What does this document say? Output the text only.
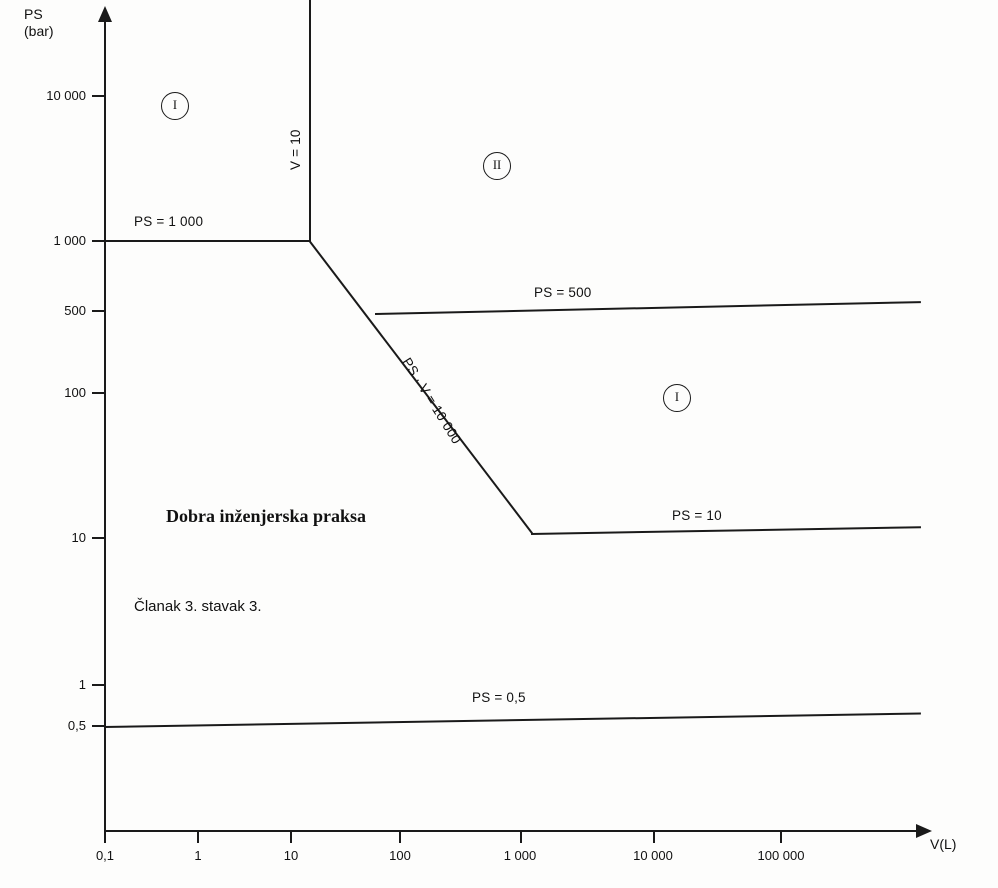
PS
(bar)
V(L)
10 000
1 000
500
100
10
1
0,5
0,1	1	10	100	1 000	10 000	100 000
PS = 1 000
V = 10
PS · V = 10 000
PS = 500
PS = 10
PS = 0,5
I
II
I
Dobra inženjerska praksa
Članak 3. stavak 3.
